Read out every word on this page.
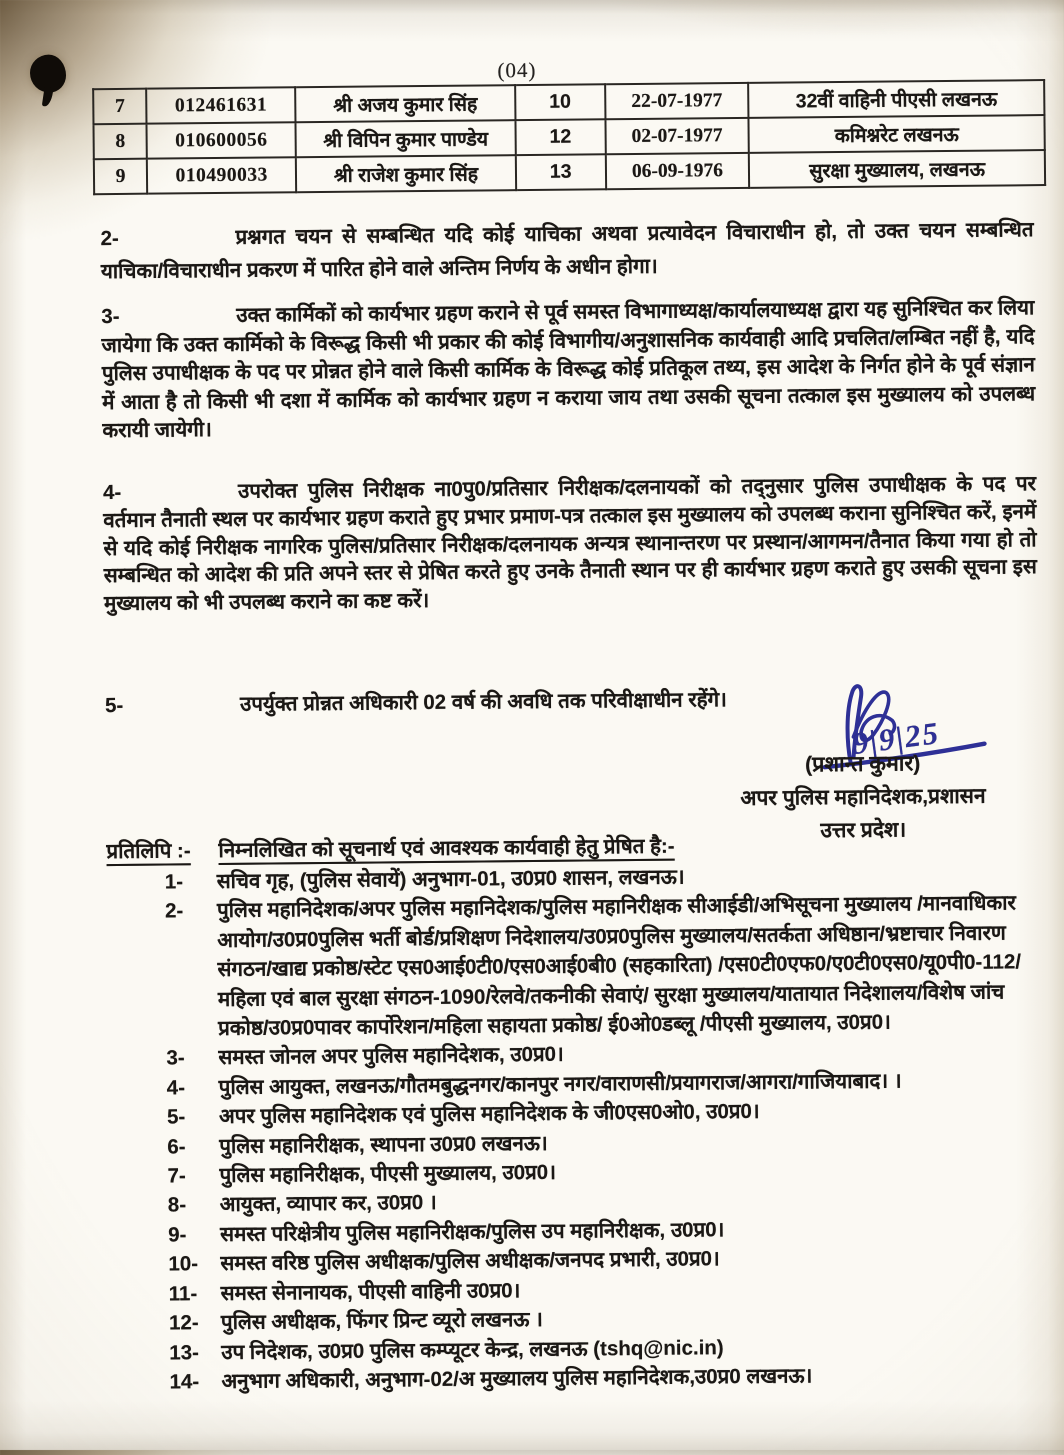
(04)
7	012461631	श्री अजय कुमार सिंह	10	22-07-1977	32वीं वाहिनी पीएसी लखनऊ
8	010600056	श्री विपिन कुमार पाण्डेय	12	02-07-1977	कमिश्नरेट लखनऊ
9	010490033	श्री राजेश कुमार सिंह	13	06-09-1976	सुरक्षा मुख्यालय, लखनऊ
2-	प्रश्नगत चयन से सम्बन्धित यदि कोई याचिका अथवा प्रत्यावेदन विचाराधीन हो, तो उक्त चयन सम्बन्धित याचिका/विचाराधीन प्रकरण में पारित होने वाले अन्तिम निर्णय के अधीन होगा।

3-	उक्त कार्मिकों को कार्यभार ग्रहण कराने से पूर्व समस्त विभागाध्यक्ष/कार्यालयाध्यक्ष द्वारा यह सुनिश्चित कर लिया जायेगा कि उक्त कार्मिको के विरूद्ध किसी भी प्रकार की कोई विभागीय/अनुशासनिक कार्यवाही आदि प्रचलित/लम्बित नहीं है, यदि पुलिस उपाधीक्षक के पद पर प्रोन्नत होने वाले किसी कार्मिक के विरूद्ध कोई प्रतिकूल तथ्य, इस आदेश के निर्गत होने के पूर्व संज्ञान में आता है तो किसी भी दशा में कार्मिक को कार्यभार ग्रहण न कराया जाय तथा उसकी सूचना तत्काल इस मुख्यालय को उपलब्ध करायी जायेगी।

4-	उपरोक्त पुलिस निरीक्षक ना0पु0/प्रतिसार निरीक्षक/दलनायकों को तद्नुसार पुलिस उपाधीक्षक के पद पर वर्तमान तैनाती स्थल पर कार्यभार ग्रहण कराते हुए प्रभार प्रमाण-पत्र तत्काल इस मुख्यालय को उपलब्ध कराना सुनिश्चित करें, इनमें से यदि कोई निरीक्षक नागरिक पुलिस/प्रतिसार निरीक्षक/दलनायक अन्यत्र स्थानान्तरण पर प्रस्थान/आगमन/तैनात किया गया हो तो सम्बन्धित को आदेश की प्रति अपने स्तर से प्रेषित करते हुए उनके तैनाती स्थान पर ही कार्यभार ग्रहण कराते हुए उसकी सूचना इस मुख्यालय को भी उपलब्ध कराने का कष्ट करें।

5-	उपर्युक्त प्रोन्नत अधिकारी 02 वर्ष की अवधि तक परिवीक्षाधीन रहेंगे।

9|9|25
(प्रशान्त कुमार)
अपर पुलिस महानिदेशक,प्रशासन
उत्तर प्रदेश।
प्रतिलिपि :-	निम्नलिखित को सूचनार्थ एवं आवश्यक कार्यवाही हेतु प्रेषित है:-
1-	सचिव गृह, (पुलिस सेवायें) अनुभाग-01, उ0प्र0 शासन, लखनऊ।
2-	पुलिस महानिदेशक/अपर पुलिस महानिदेशक/पुलिस महानिरीक्षक सीआईडी/अभिसूचना मुख्यालय /मानवाधिकार आयोग/उ0प्र0पुलिस भर्ती बोर्ड/प्रशिक्षण निदेशालय/उ0प्र0पुलिस मुख्यालय/सतर्कता अधिष्ठान/भ्रष्टाचार निवारण संगठन/खाद्य प्रकोष्ठ/स्टेट एस0आई0टी0/एस0आई0बी0 (सहकारिता) /एस0टी0एफ0/ए0टी0एस0/यू0पी0-112/महिला एवं बाल सुरक्षा संगठन-1090/रेलवे/तकनीकी सेवाएं/ सुरक्षा मुख्यालय/यातायात निदेशालय/विशेष जांच प्रकोष्ठ/उ0प्र0पावर कार्पोरेशन/महिला सहायता प्रकोष्ठ/ ई0ओ0डब्लू /पीएसी मुख्यालय, उ0प्र0।
3-	समस्त जोनल अपर पुलिस महानिदेशक, उ0प्र0।
4-	पुलिस आयुक्त, लखनऊ/गौतमबुद्धनगर/कानपुर नगर/वाराणसी/प्रयागराज/आगरा/गाजियाबाद। ।
5-	अपर पुलिस महानिदेशक एवं पुलिस महानिदेशक के जी0एस0ओ0, उ0प्र0।
6-	पुलिस महानिरीक्षक, स्थापना उ0प्र0 लखनऊ।
7-	पुलिस महानिरीक्षक, पीएसी मुख्यालय, उ0प्र0।
8-	आयुक्त, व्यापार कर, उ0प्र0 ।
9-	समस्त परिक्षेत्रीय पुलिस महानिरीक्षक/पुलिस उप महानिरीक्षक, उ0प्र0।
10-	समस्त वरिष्ठ पुलिस अधीक्षक/पुलिस अधीक्षक/जनपद प्रभारी, उ0प्र0।
11-	समस्त सेनानायक, पीएसी वाहिनी उ0प्र0।
12-	पुलिस अधीक्षक, फिंगर प्रिन्ट व्यूरो लखनऊ ।
13-	उप निदेशक, उ0प्र0 पुलिस कम्प्यूटर केन्द्र, लखनऊ (tshq@nic.in)
14-	अनुभाग अधिकारी, अनुभाग-02/अ मुख्यालय पुलिस महानिदेशक,उ0प्र0 लखनऊ।
